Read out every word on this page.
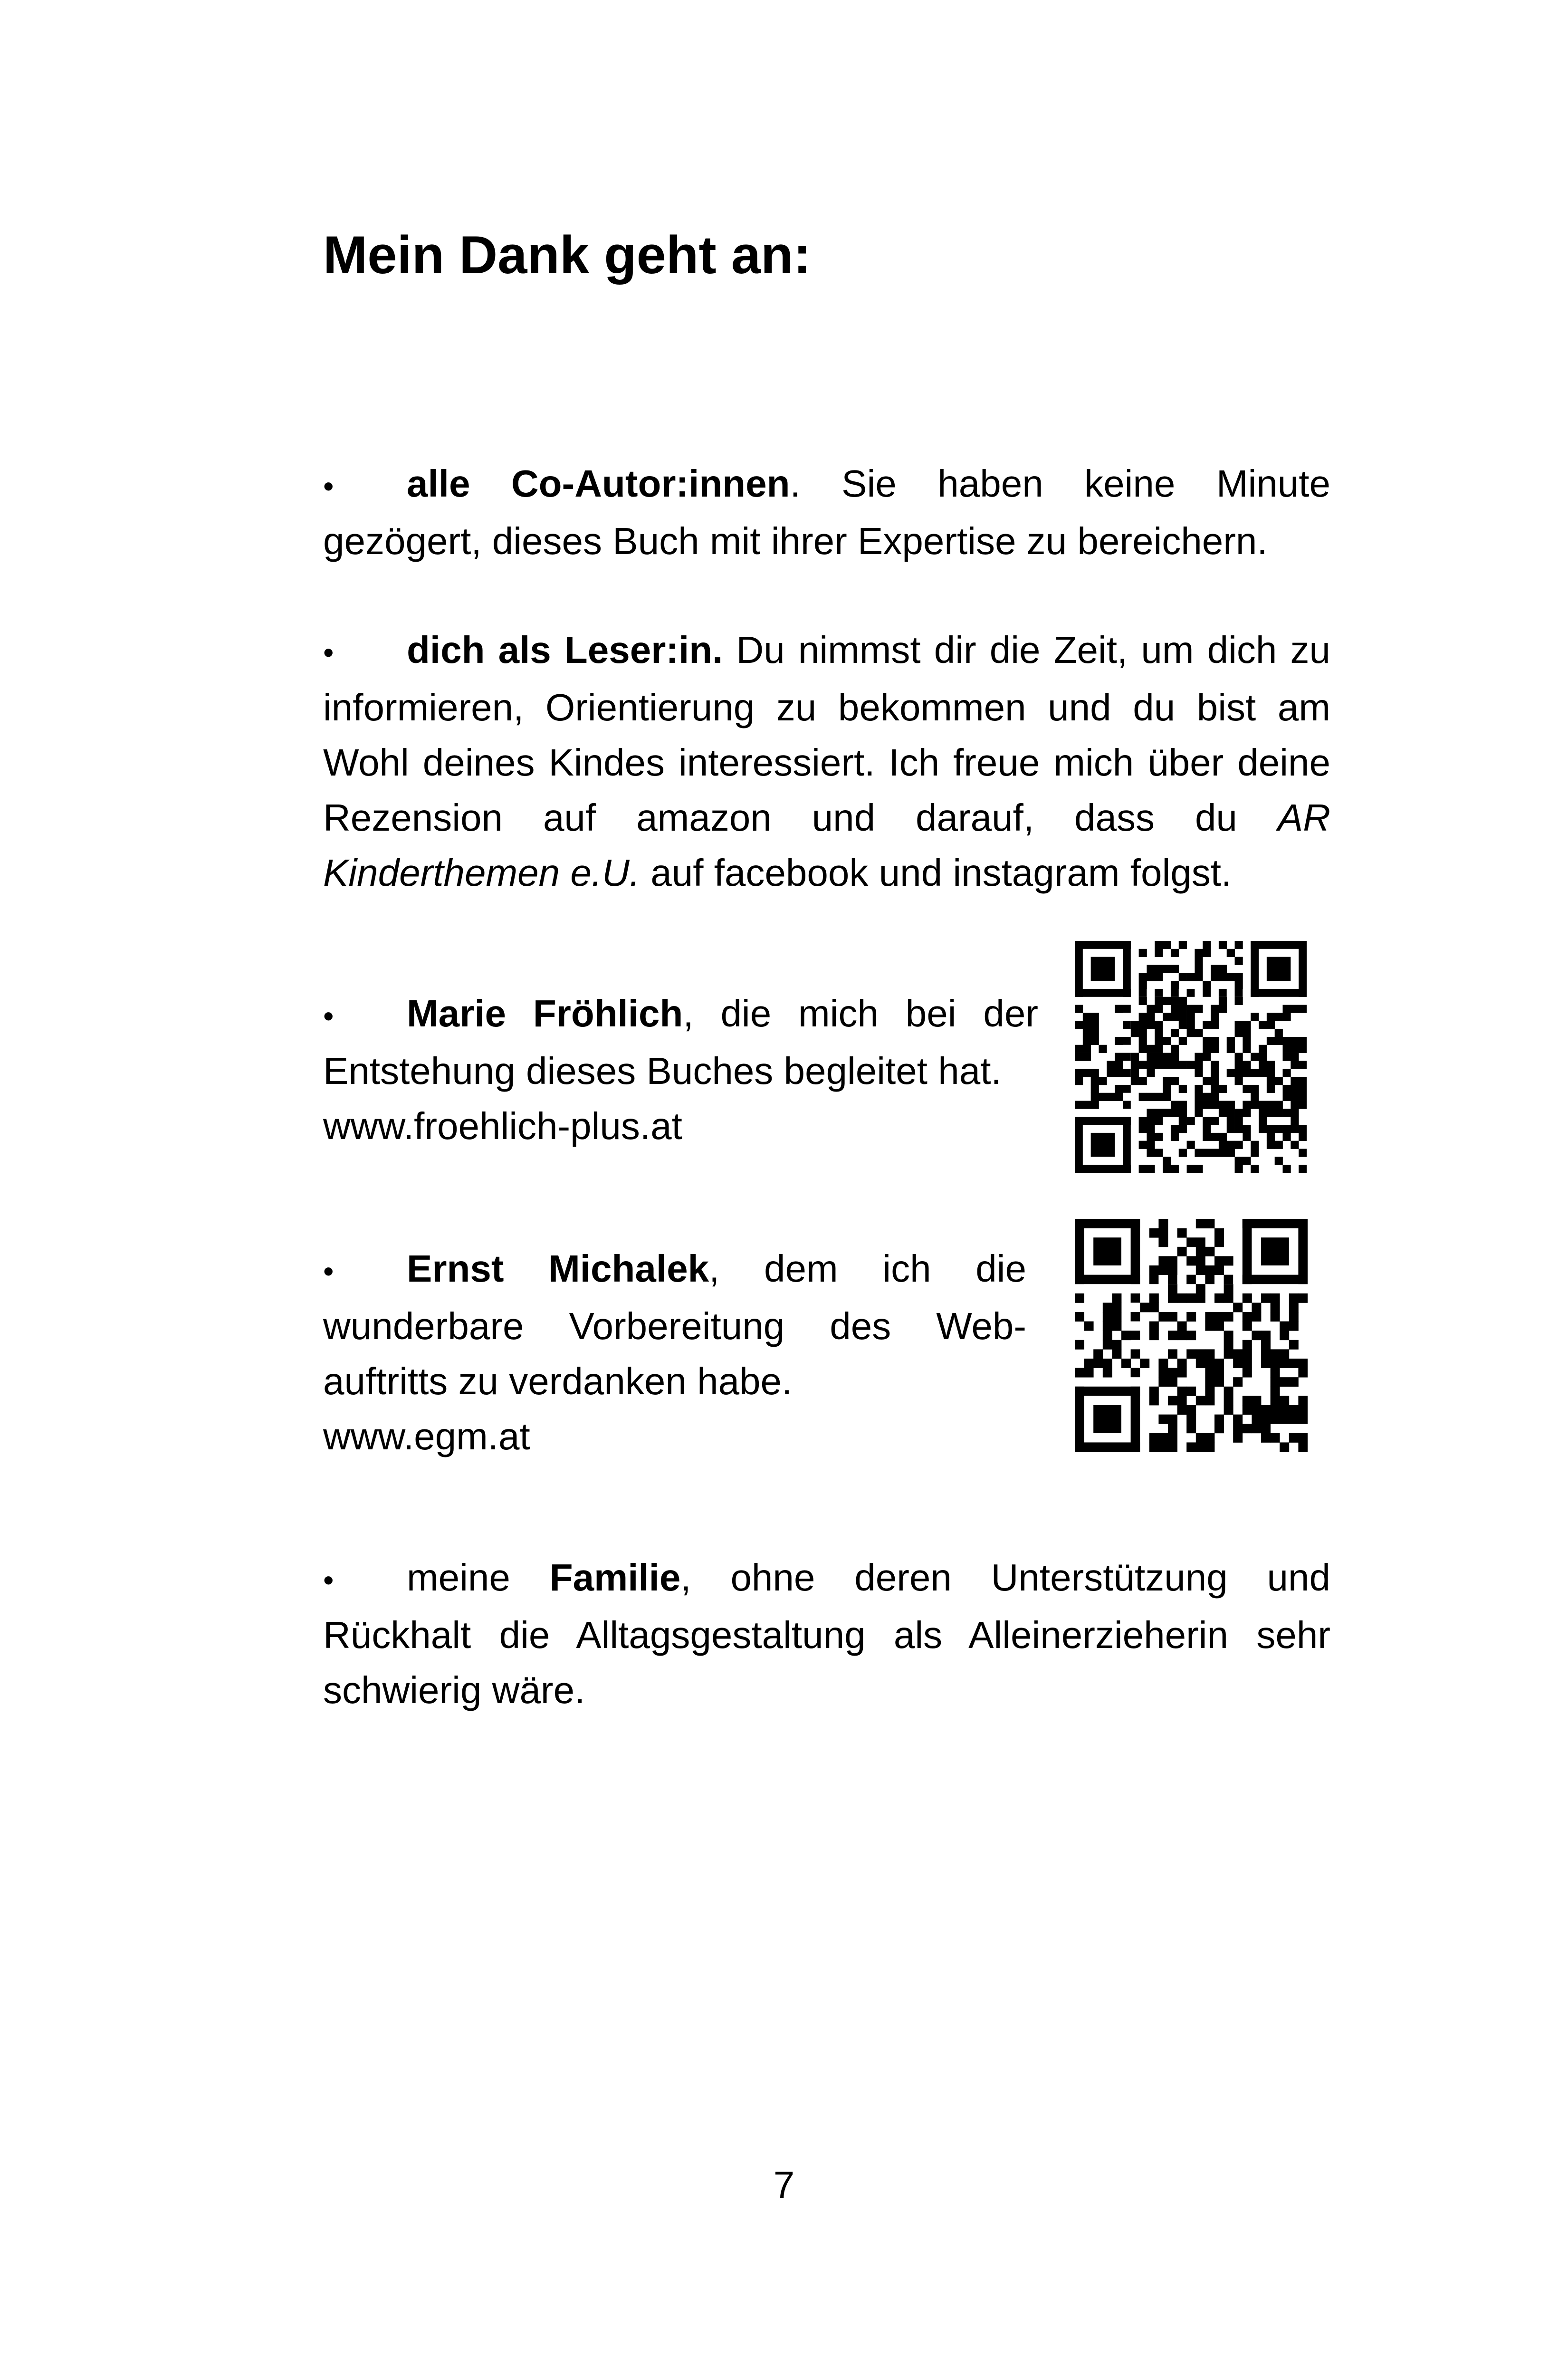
Mein Dank geht an:

• alle Co-Autor:innen. Sie haben keine Minute gezögert, dieses Buch mit ihrer Expertise zu bereichern.

• dich als Leser:in. Du nimmst dir die Zeit, um dich zu informieren, Orientierung zu bekommen und du bist am Wohl deines Kindes interessiert. Ich freue mich über deine Rezension auf amazon und darauf, dass du AR Kinderthemen e.U. auf facebook und instagram folgst.

• Marie Fröhlich, die mich bei der Entstehung dieses Buches begleitet hat.
www.froehlich-plus.at

• Ernst Michalek, dem ich die wunderbare Vorbereitung des Web-auftritts zu verdanken habe.
www.egm.at

• meine Familie, ohne deren Unterstützung und Rückhalt die Alltagsgestaltung als Alleinerzieherin sehr schwierig wäre.

7
